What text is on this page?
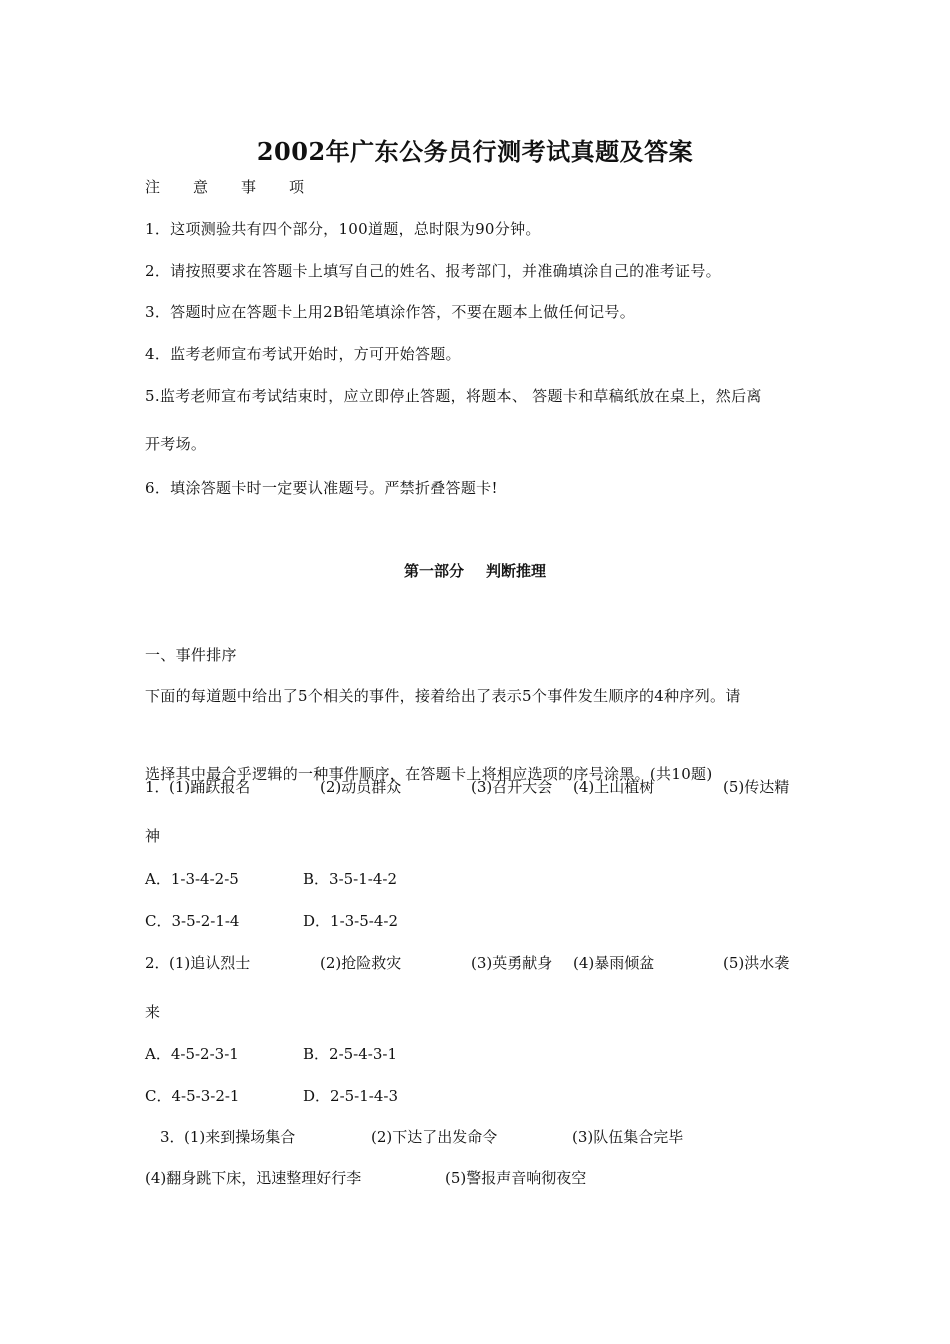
2002年广东公务员行测考试真题及答案
注 意 事 项
1．这项测验共有四个部分，100道题，总时限为90分钟。
2．请按照要求在答题卡上填写自己的姓名、报考部门，并准确填涂自己的准考证号。
3．答题时应在答题卡上用2B铅笔填涂作答，不要在题本上做任何记号。
4．监考老师宣布考试开始时，方可开始答题。
5.监考老师宣布考试结束时，应立即停止答题，将题本、 答题卡和草稿纸放在桌上，然后离
开考场。
6．填涂答题卡时一定要认准题号。严禁折叠答题卡!
第一部分 判断推理
一、事件排序
下面的每道题中给出了5个相关的事件，接着给出了表示5个事件发生顺序的4种序列。请
选择其中最合乎逻辑的一种事件顺序，在答题卡上将相应选项的序号涂黑。(共10题)
1． (1)踊跃报名	(2)动员群众	(3)召开大会 (4)上山植树	(5)传达精
神
A．1-3-4-2-5	B．3-5-1-4-2
C．3-5-2-1-4	D．1-3-5-4-2
2． (1)追认烈士	(2)抢险救灾	(3)英勇献身 (4)暴雨倾盆	(5)洪水袭
来
A．4-5-2-3-1	B．2-5-4-3-1
C．4-5-3-2-1	D．2-5-1-4-3
3． (1)来到操场集合	(2)下达了出发命令	(3)队伍集合完毕
(4)翻身跳下床，迅速整理好行李	(5)警报声音响彻夜空
